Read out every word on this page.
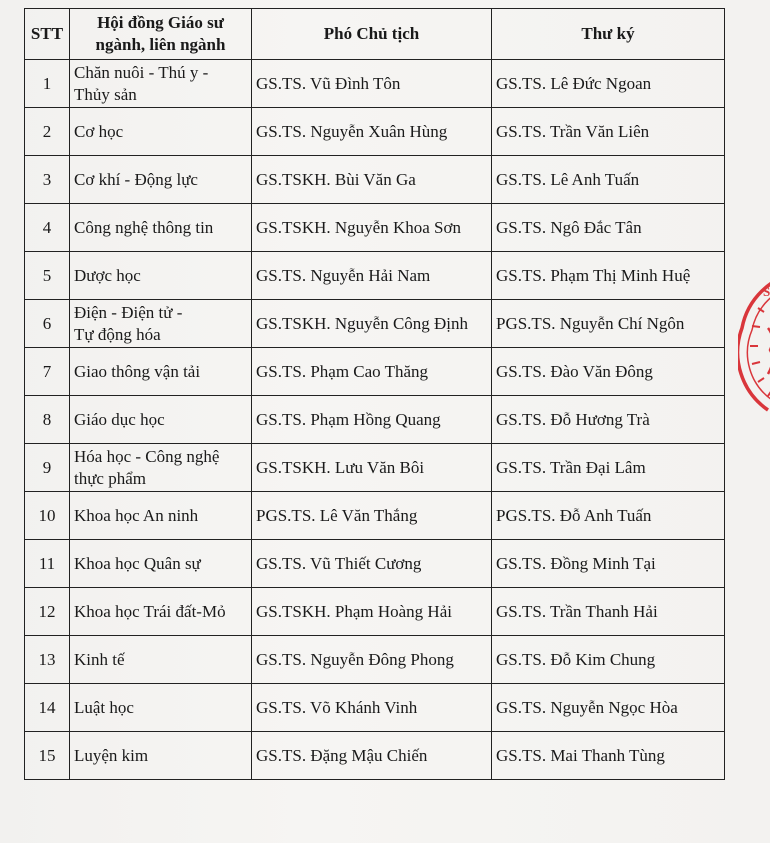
STT	Hội đồng Giáo sư
ngành, liên ngành	Phó Chủ tịch	Thư ký
1	Chăn nuôi - Thú y -
Thủy sản	GS.TS. Vũ Đình Tôn	GS.TS. Lê Đức Ngoan
2	Cơ học	GS.TS. Nguyễn Xuân Hùng	GS.TS. Trần Văn Liên
3	Cơ khí - Động lực	GS.TSKH. Bùi Văn Ga	GS.TS. Lê Anh Tuấn
4	Công nghệ thông tin	GS.TSKH. Nguyễn Khoa Sơn	GS.TS. Ngô Đắc Tân
5	Dược học	GS.TS. Nguyễn Hải Nam	GS.TS. Phạm Thị Minh Huệ
6	Điện - Điện tử -
Tự động hóa	GS.TSKH. Nguyễn Công Định	PGS.TS. Nguyễn Chí Ngôn
7	Giao thông vận tải	GS.TS. Phạm Cao Thăng	GS.TS. Đào Văn Đông
8	Giáo dục học	GS.TS. Phạm Hồng Quang	GS.TS. Đỗ Hương Trà
9	Hóa học - Công nghệ
thực phẩm	GS.TSKH. Lưu Văn Bôi	GS.TS. Trần Đại Lâm
10	Khoa học An ninh	PGS.TS. Lê Văn Thắng	PGS.TS. Đỗ Anh Tuấn
11	Khoa học Quân sự	GS.TS. Vũ Thiết Cương	GS.TS. Đồng Minh Tại
12	Khoa học Trái đất-Mỏ	GS.TSKH. Phạm Hoàng Hải	GS.TS. Trần Thanh Hải
13	Kinh tế	GS.TS. Nguyễn Đông Phong	GS.TS. Đỗ Kim Chung
14	Luật học	GS.TS. Võ Khánh Vinh	GS.TS. Nguyễn Ngọc Hòa
15	Luyện kim	GS.TS. Đặng Mậu Chiến	GS.TS. Mai Thanh Tùng
S
